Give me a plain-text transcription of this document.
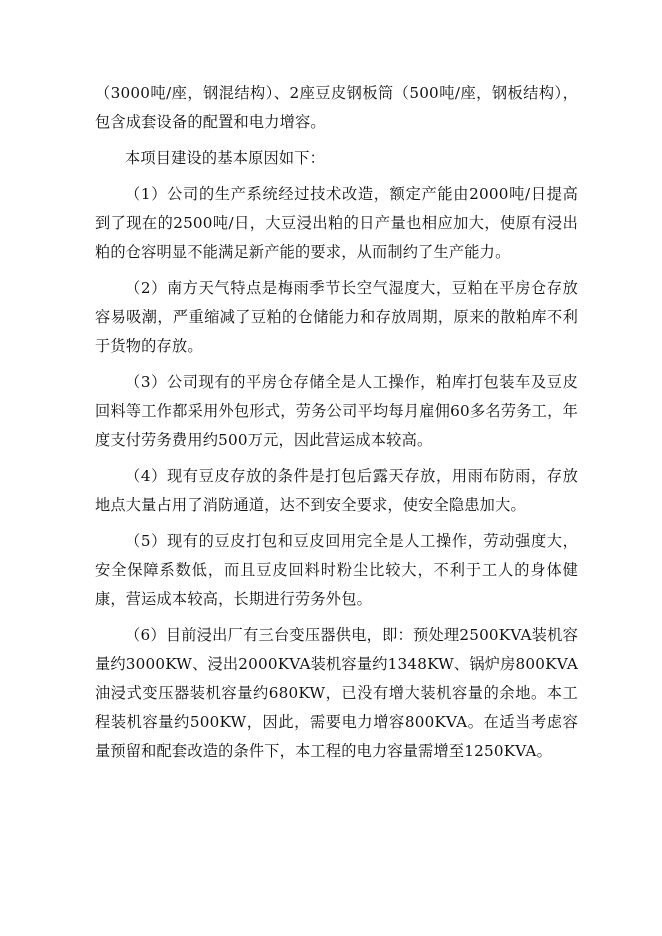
（3000吨/座，钢混结构）、2座豆皮钢板筒（500吨/座，钢板结构），包含成套设备的配置和电力增容。

本项目建设的基本原因如下：

（1）公司的生产系统经过技术改造，额定产能由2000吨/日提高到了现在的2500吨/日，大豆浸出粕的日产量也相应加大，使原有浸出粕的仓容明显不能满足新产能的要求，从而制约了生产能力。

（2）南方天气特点是梅雨季节长空气湿度大，豆粕在平房仓存放容易吸潮，严重缩减了豆粕的仓储能力和存放周期，原来的散粕库不利于货物的存放。

（3）公司现有的平房仓存储全是人工操作，粕库打包装车及豆皮回料等工作都采用外包形式，劳务公司平均每月雇佣60多名劳务工，年度支付劳务费用约500万元，因此营运成本较高。

（4）现有豆皮存放的条件是打包后露天存放，用雨布防雨，存放地点大量占用了消防通道，达不到安全要求，使安全隐患加大。

（5）现有的豆皮打包和豆皮回用完全是人工操作，劳动强度大，安全保障系数低，而且豆皮回料时粉尘比较大，不利于工人的身体健康，营运成本较高，长期进行劳务外包。

（6）目前浸出厂有三台变压器供电，即：预处理2500KVA装机容量约3000KW、浸出2000KVA装机容量约1348KW、锅炉房800KVA油浸式变压器装机容量约680KW，已没有增大装机容量的余地。本工程装机容量约500KW，因此，需要电力增容800KVA。在适当考虑容量预留和配套改造的条件下，本工程的电力容量需增至1250KVA。
